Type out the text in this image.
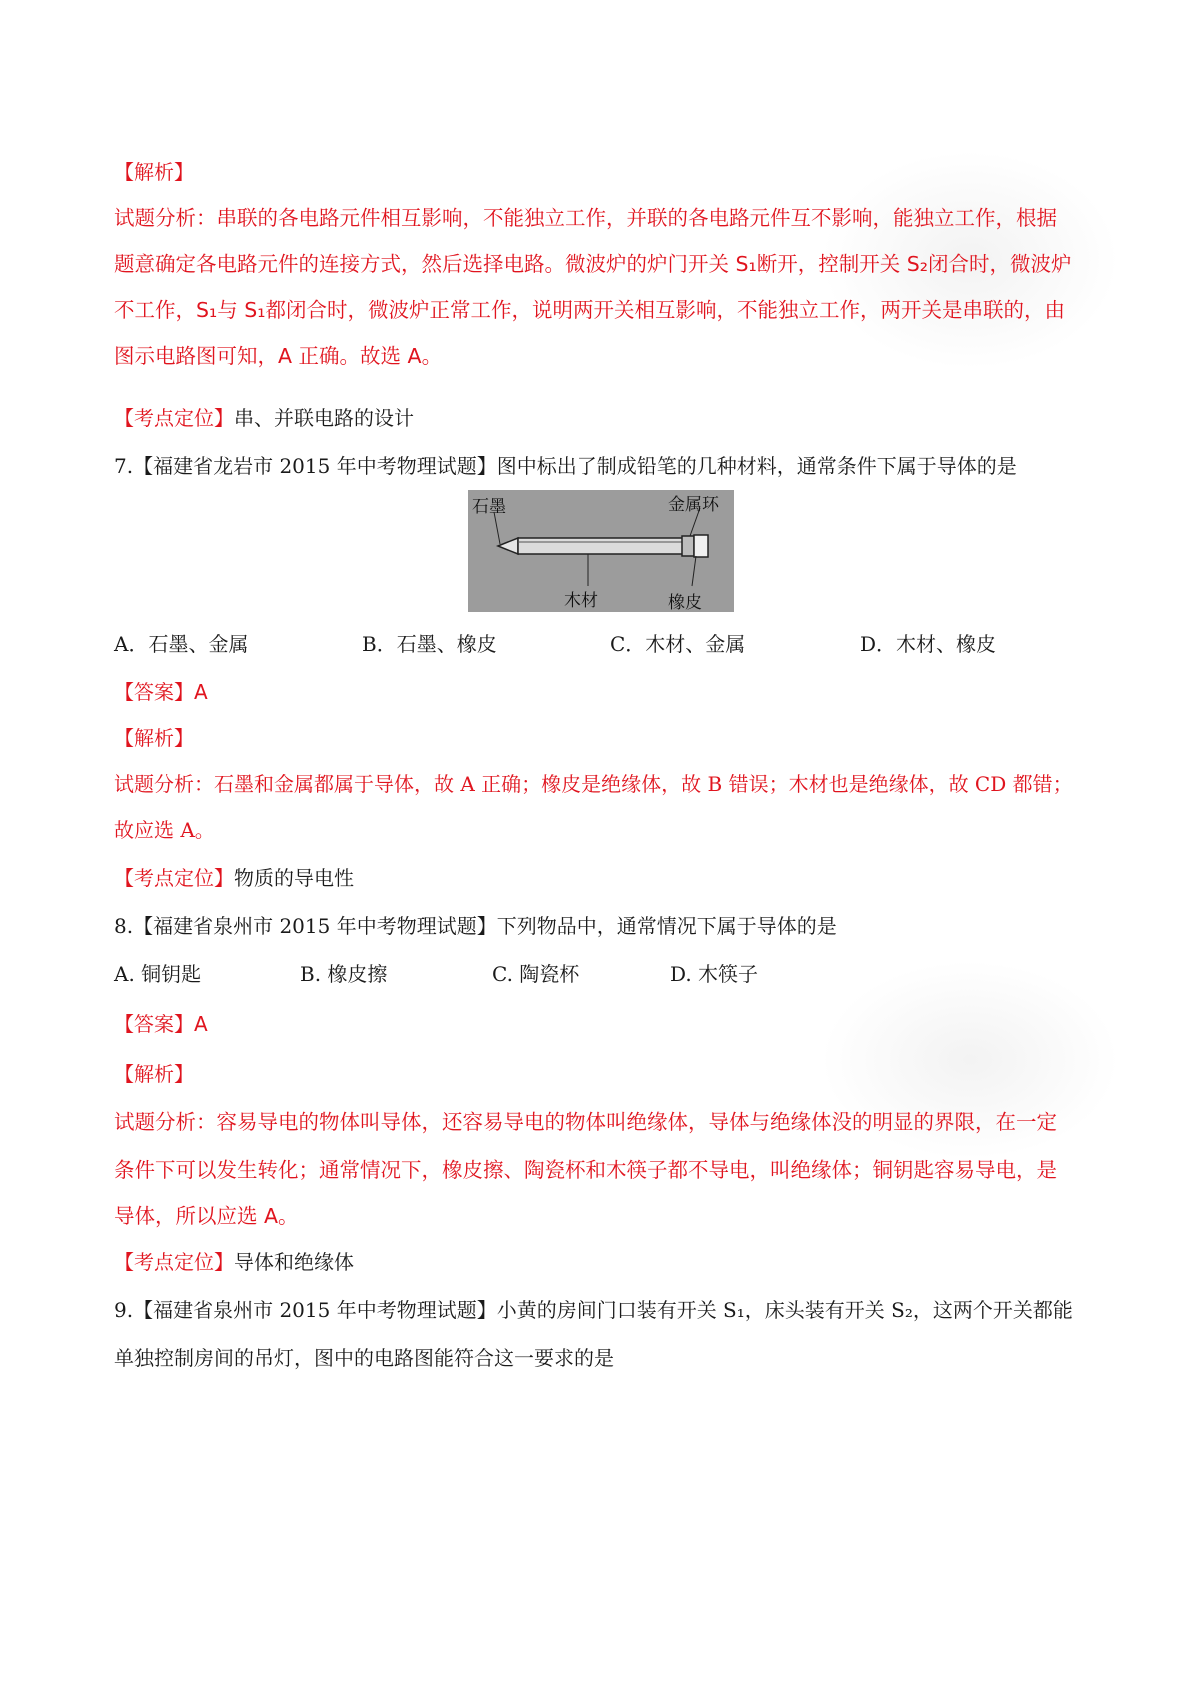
【解析】
试题分析：串联的各电路元件相互影响，不能独立工作，并联的各电路元件互不影响，能独立工作，根据
题意确定各电路元件的连接方式，然后选择电路。微波炉的炉门开关 S₁断开，控制开关 S₂闭合时，微波炉
不工作，S₁与 S₁都闭合时，微波炉正常工作，说明两开关相互影响，不能独立工作，两开关是串联的，由
图示电路图可知，A 正确。故选 A。
【考点定位】串、并联电路的设计
7.【福建省龙岩市 2015 年中考物理试题】图中标出了制成铅笔的几种材料，通常条件下属于导体的是
石墨	金属环
木材	橡皮
A．石墨、金属	B．石墨、橡皮	C．木材、金属	D．木材、橡皮
【答案】A
【解析】
试题分析：石墨和金属都属于导体，故 A 正确；橡皮是绝缘体，故 B 错误；木材也是绝缘体，故 CD 都错；
故应选 A。
【考点定位】物质的导电性
8.【福建省泉州市 2015 年中考物理试题】下列物品中，通常情况下属于导体的是
A. 铜钥匙	B. 橡皮擦	C. 陶瓷杯	D. 木筷子
【答案】A
【解析】
试题分析：容易导电的物体叫导体，还容易导电的物体叫绝缘体，导体与绝缘体没的明显的界限，在一定
条件下可以发生转化；通常情况下，橡皮擦、陶瓷杯和木筷子都不导电，叫绝缘体；铜钥匙容易导电，是
导体，所以应选 A。
【考点定位】导体和绝缘体
9.【福建省泉州市 2015 年中考物理试题】小黄的房间门口装有开关 S₁，床头装有开关 S₂，这两个开关都能
单独控制房间的吊灯，图中的电路图能符合这一要求的是
